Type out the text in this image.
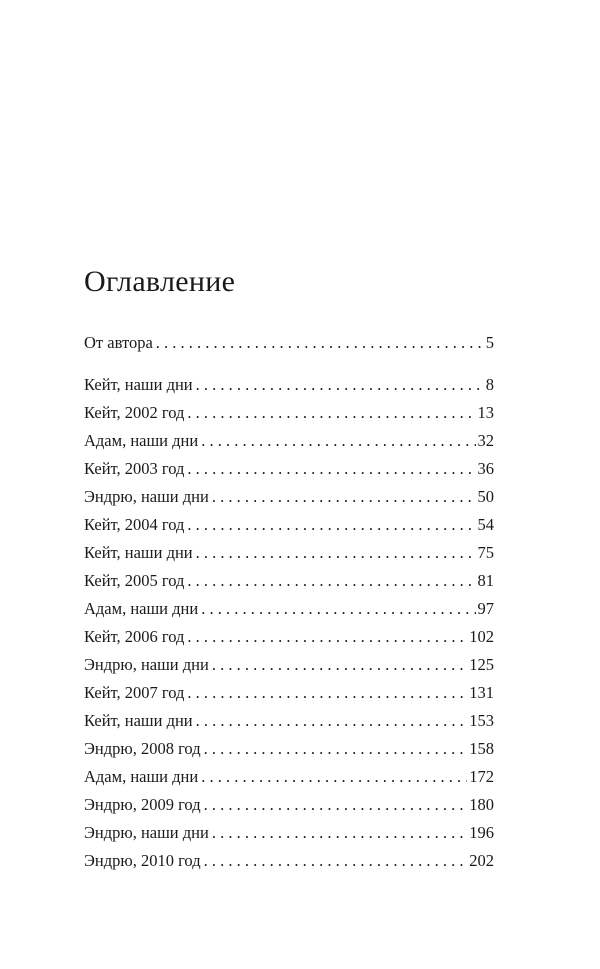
Оглавление
От автора . . .	5
Кейт, наши дни . . .	8
Кейт, 2002 год . . .	13
Адам, наши дни . . .	32
Кейт, 2003 год . . .	36
Эндрю, наши дни . . .	50
Кейт, 2004 год . . .	54
Кейт, наши дни . . .	75
Кейт, 2005 год . . .	81
Адам, наши дни . . .	97
Кейт, 2006 год . . .	102
Эндрю, наши дни . . .	125
Кейт, 2007 год . . .	131
Кейт, наши дни . . .	153
Эндрю, 2008 год . . .	158
Адам, наши дни . . .	172
Эндрю, 2009 год . . .	180
Эндрю, наши дни . . .	196
Эндрю, 2010 год . . .	202
